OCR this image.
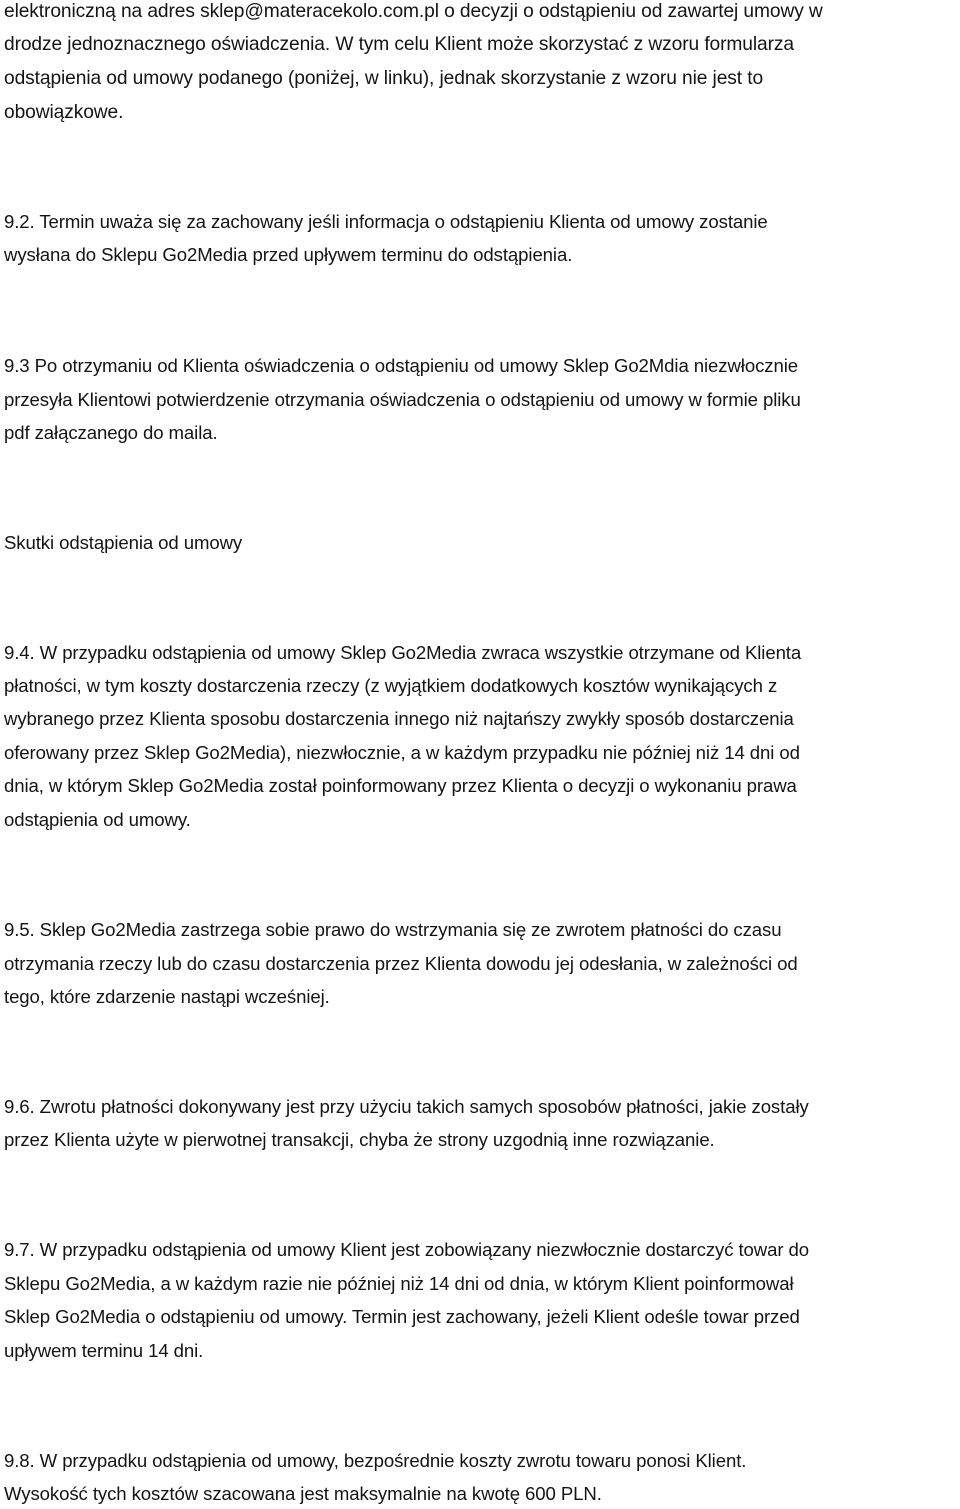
elektroniczną na adres sklep@materacekolo.com.pl o decyzji o odstąpieniu od zawartej umowy w
drodze jednoznacznego oświadczenia. W tym celu Klient może skorzystać z wzoru formularza
odstąpienia od umowy podanego (poniżej, w linku), jednak skorzystanie z wzoru nie jest to
obowiązkowe.
9.2. Termin uważa się za zachowany jeśli informacja o odstąpieniu Klienta od umowy zostanie
wysłana do Sklepu Go2Media przed upływem terminu do odstąpienia.
9.3 Po otrzymaniu od Klienta oświadczenia o odstąpieniu od umowy Sklep Go2Mdia niezwłocznie
przesyła Klientowi potwierdzenie otrzymania oświadczenia o odstąpieniu od umowy w formie pliku
pdf załączanego do maila.
Skutki odstąpienia od umowy
9.4. W przypadku odstąpienia od umowy Sklep Go2Media zwraca wszystkie otrzymane od Klienta
płatności, w tym koszty dostarczenia rzeczy (z wyjątkiem dodatkowych kosztów wynikających z
wybranego przez Klienta sposobu dostarczenia innego niż najtańszy zwykły sposób dostarczenia
oferowany przez Sklep Go2Media), niezwłocznie, a w każdym przypadku nie później niż 14 dni od
dnia, w którym Sklep Go2Media został poinformowany przez Klienta o decyzji o wykonaniu prawa
odstąpienia od umowy.
9.5. Sklep Go2Media zastrzega sobie prawo do wstrzymania się ze zwrotem płatności do czasu
otrzymania rzeczy lub do czasu dostarczenia przez Klienta dowodu jej odesłania, w zależności od
tego, które zdarzenie nastąpi wcześniej.
9.6. Zwrotu płatności dokonywany jest przy użyciu takich samych sposobów płatności, jakie zostały
przez Klienta użyte w pierwotnej transakcji, chyba że strony uzgodnią inne rozwiązanie.
9.7. W przypadku odstąpienia od umowy Klient jest zobowiązany niezwłocznie dostarczyć towar do
Sklepu Go2Media, a w każdym razie nie później niż 14 dni od dnia, w którym Klient poinformował
Sklep Go2Media o odstąpieniu od umowy. Termin jest zachowany, jeżeli Klient odeśle towar przed
upływem terminu 14 dni.
9.8. W przypadku odstąpienia od umowy, bezpośrednie koszty zwrotu towaru ponosi Klient.
Wysokość tych kosztów szacowana jest maksymalnie na kwotę 600 PLN.
